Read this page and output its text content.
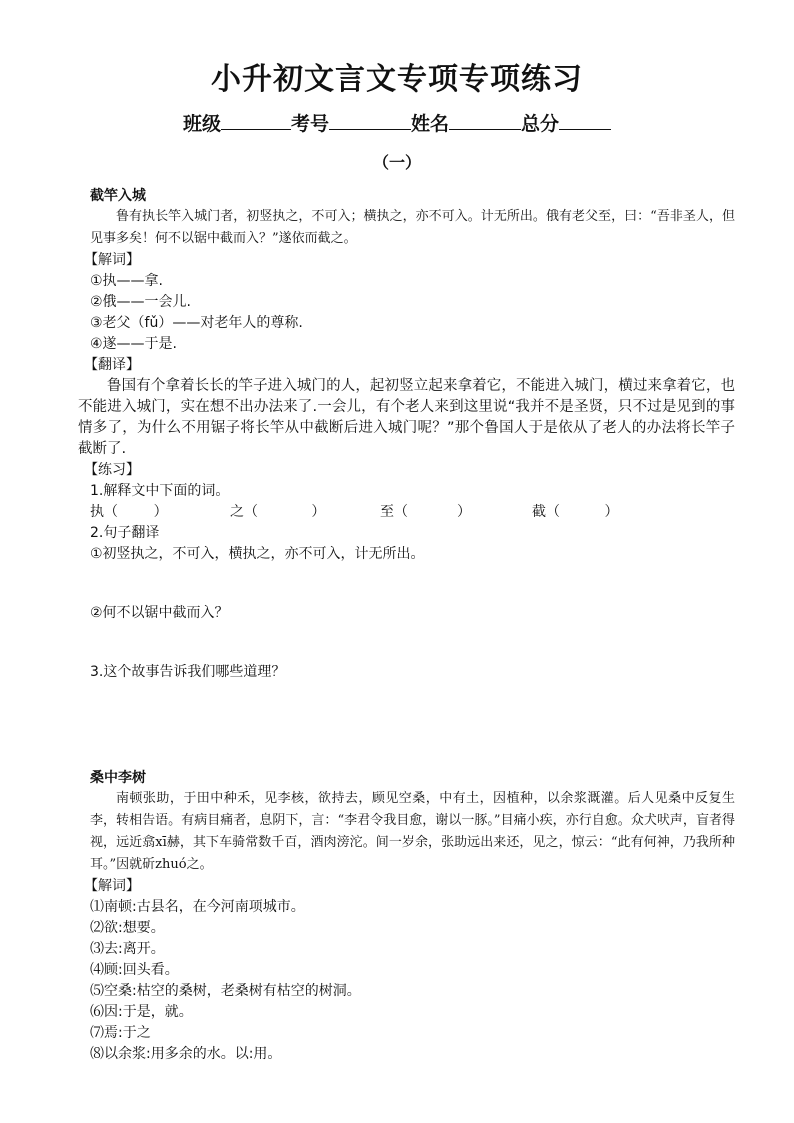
小升初文言文专项专项练习
班级	考号	姓名	总分
（一）
截竿入城
鲁有执长竿入城门者，初竖执之，不可入；横执之，亦不可入。计无所出。俄有老父至，曰：“吾非圣人，但见事多矣！何不以锯中截而入？”遂依而截之。
【解词】
①执——拿.
②俄——一会儿.
③老父（fǔ）——对老年人的尊称.
④遂——于是.
【翻译】
鲁国有个拿着长长的竿子进入城门的人，起初竖立起来拿着它，不能进入城门，横过来拿着它，也不能进入城门，实在想不出办法来了.一会儿，有个老人来到这里说“我并不是圣贤，只不过是见到的事情多了，为什么不用锯子将长竿从中截断后进入城门呢？”那个鲁国人于是依从了老人的办法将长竿子截断了.
【练习】
1.解释文中下面的词。
执（        ）	之（            ）	至（           ）	截（          ）
2.句子翻译
①初竖执之，不可入，横执之，亦不可入，计无所出。
②何不以锯中截而入？
3.这个故事告诉我们哪些道理？
桑中李树
南顿张助，于田中种禾，见李核，欲持去，顾见空桑，中有土，因植种，以余浆溉灌。后人见桑中反复生李，转相告语。有病目痛者，息阴下，言：“李君令我目愈，谢以一豚。”目痛小疾，亦行自愈。众犬吠声，盲者得视，远近翕xī赫，其下车骑常数千百，酒肉滂沱。间一岁余，张助远出来还，见之，惊云：“此有何神，乃我所种耳。”因就斫zhuó之。
【解词】
⑴南顿:古县名，在今河南项城市。
⑵欲:想要。
⑶去:离开。
⑷顾:回头看。
⑸空桑:枯空的桑树，老桑树有枯空的树洞。
⑹因:于是，就。
⑺焉:于之
⑻以余浆:用多余的水。以:用。
